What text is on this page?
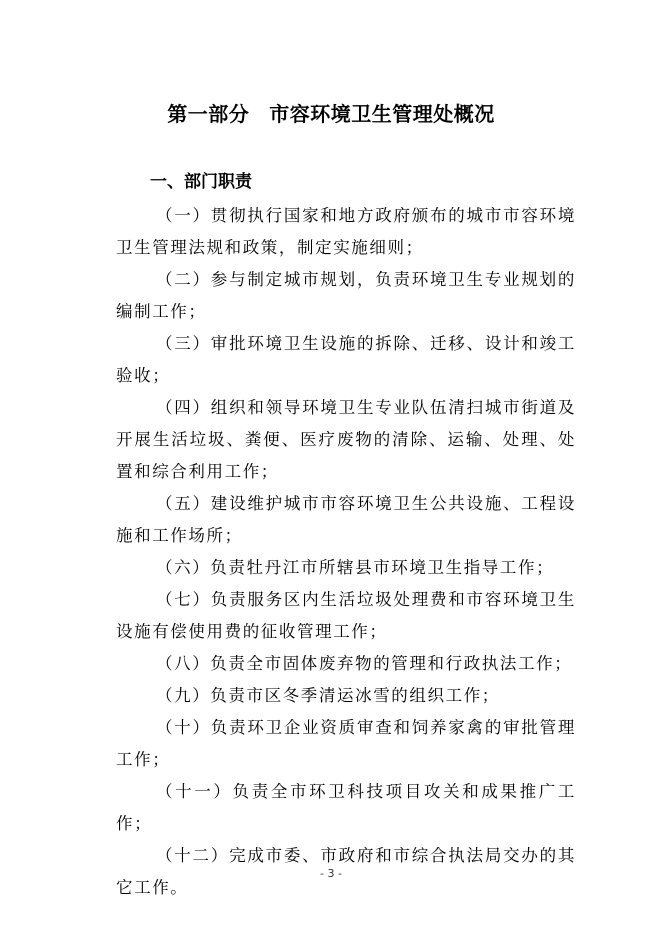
第一部分 市容环境卫生管理处概况
一、部门职责

（一）贯彻执行国家和地方政府颁布的城市市容环境卫生管理法规和政策，制定实施细则；

（二）参与制定城市规划，负责环境卫生专业规划的编制工作；

（三）审批环境卫生设施的拆除、迁移、设计和竣工验收；

（四）组织和领导环境卫生专业队伍清扫城市街道及开展生活垃圾、粪便、医疗废物的清除、运输、处理、处置和综合利用工作；

（五）建设维护城市市容环境卫生公共设施、工程设施和工作场所；

（六）负责牡丹江市所辖县市环境卫生指导工作；

（七）负责服务区内生活垃圾处理费和市容环境卫生设施有偿使用费的征收管理工作；

（八）负责全市固体废弃物的管理和行政执法工作；

（九）负责市区冬季清运冰雪的组织工作；

（十）负责环卫企业资质审查和饲养家禽的审批管理工作；

（十一）负责全市环卫科技项目攻关和成果推广工作；

（十二）完成市委、市政府和市综合执法局交办的其它工作。

- 3 -
